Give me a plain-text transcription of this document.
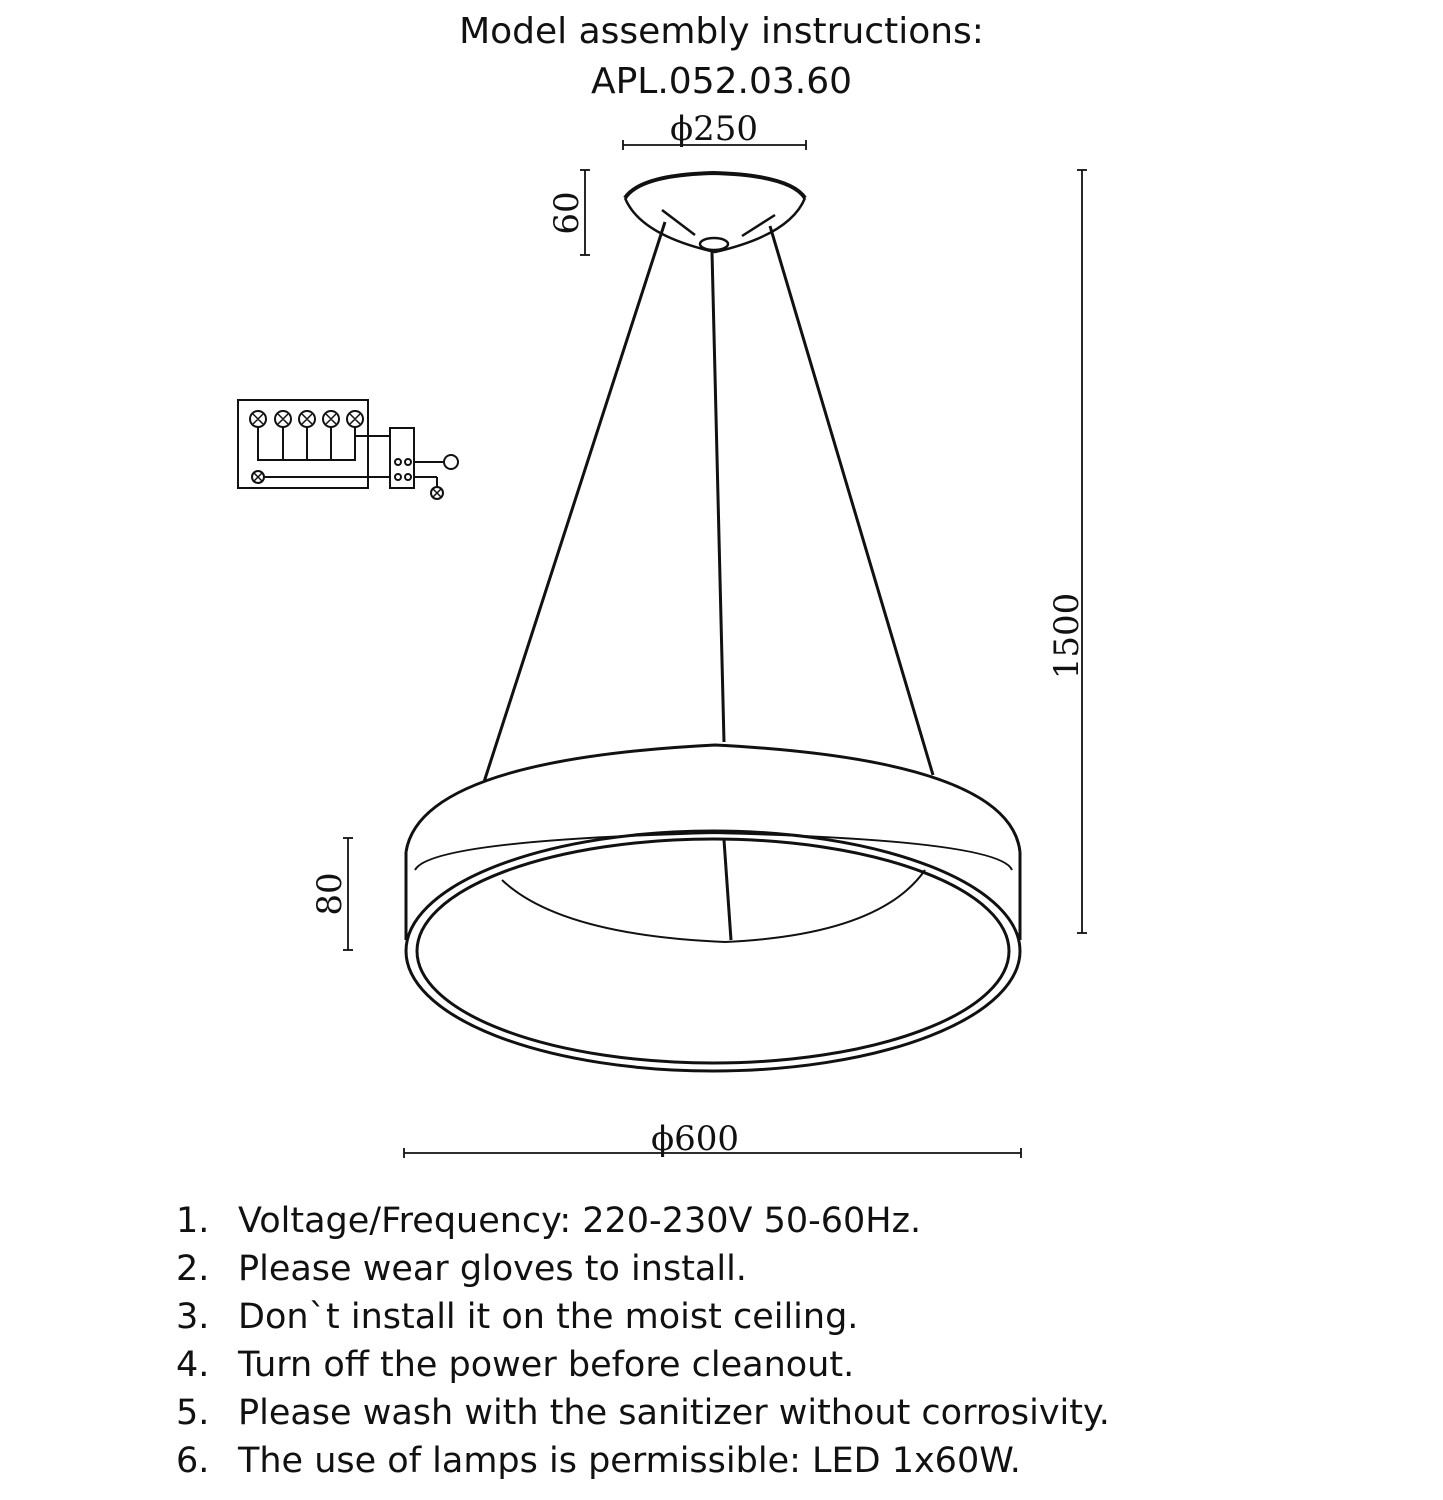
Model assembly instructions:
APL.052.03.60
ϕ250
60
1500
80
ϕ600
1. Voltage/Frequency: 220-230V 50-60Hz.
2. Please wear gloves to install.
3. Don`t install it on the moist ceiling.
4. Turn off the power before cleanout.
5. Please wash with the sanitizer without corrosivity.
6. The use of lamps is permissible: LED 1x60W.
